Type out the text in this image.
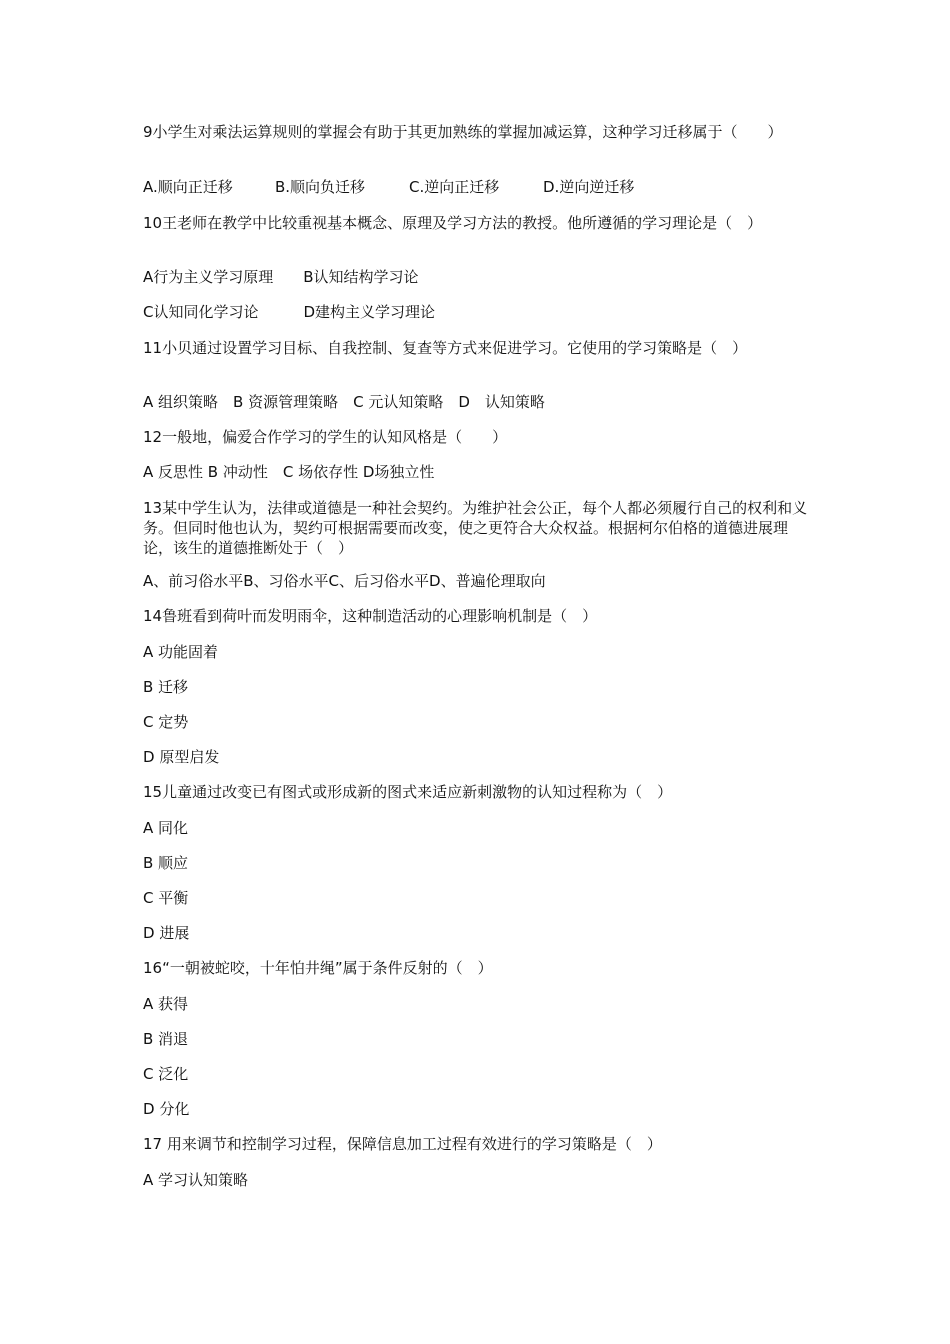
9小学生对乘法运算规则的掌握会有助于其更加熟练的掌握加减运算，这种学习迁移属于（　　）
A.顺向正迁移	B.顺向负迁移	C.逆向正迁移	D.逆向逆迁移
10王老师在教学中比较重视基本概念、原理及学习方法的教授。他所遵循的学习理论是（　）
A行为主义学习原理　　B认知结构学习论
C认知同化学习论　　　D建构主义学习理论
11小贝通过设置学习目标、自我控制、复查等方式来促进学习。它使用的学习策略是（　）
A 组织策略　B 资源管理策略　C 元认知策略　D　认知策略
12一般地，偏爱合作学习的学生的认知风格是（　　）
A 反思性 B 冲动性　C 场依存性 D场独立性
13某中学生认为，法律或道德是一种社会契约。为维护社会公正，每个人都必须履行自己的权利和义务。但同时他也认为，契约可根据需要而改变，使之更符合大众权益。根据柯尔伯格的道德进展理论，该生的道德推断处于（　）
A、前习俗水平B、习俗水平C、后习俗水平D、普遍伦理取向
14鲁班看到荷叶而发明雨伞，这种制造活动的心理影响机制是（　）
A 功能固着
B 迁移
C 定势
D 原型启发
15儿童通过改变已有图式或形成新的图式来适应新刺激物的认知过程称为（　）
A 同化
B 顺应
C 平衡
D 进展
16“一朝被蛇咬，十年怕井绳”属于条件反射的（　）
A 获得
B 消退
C 泛化
D 分化
17 用来调节和控制学习过程，保障信息加工过程有效进行的学习策略是（　）
A 学习认知策略
